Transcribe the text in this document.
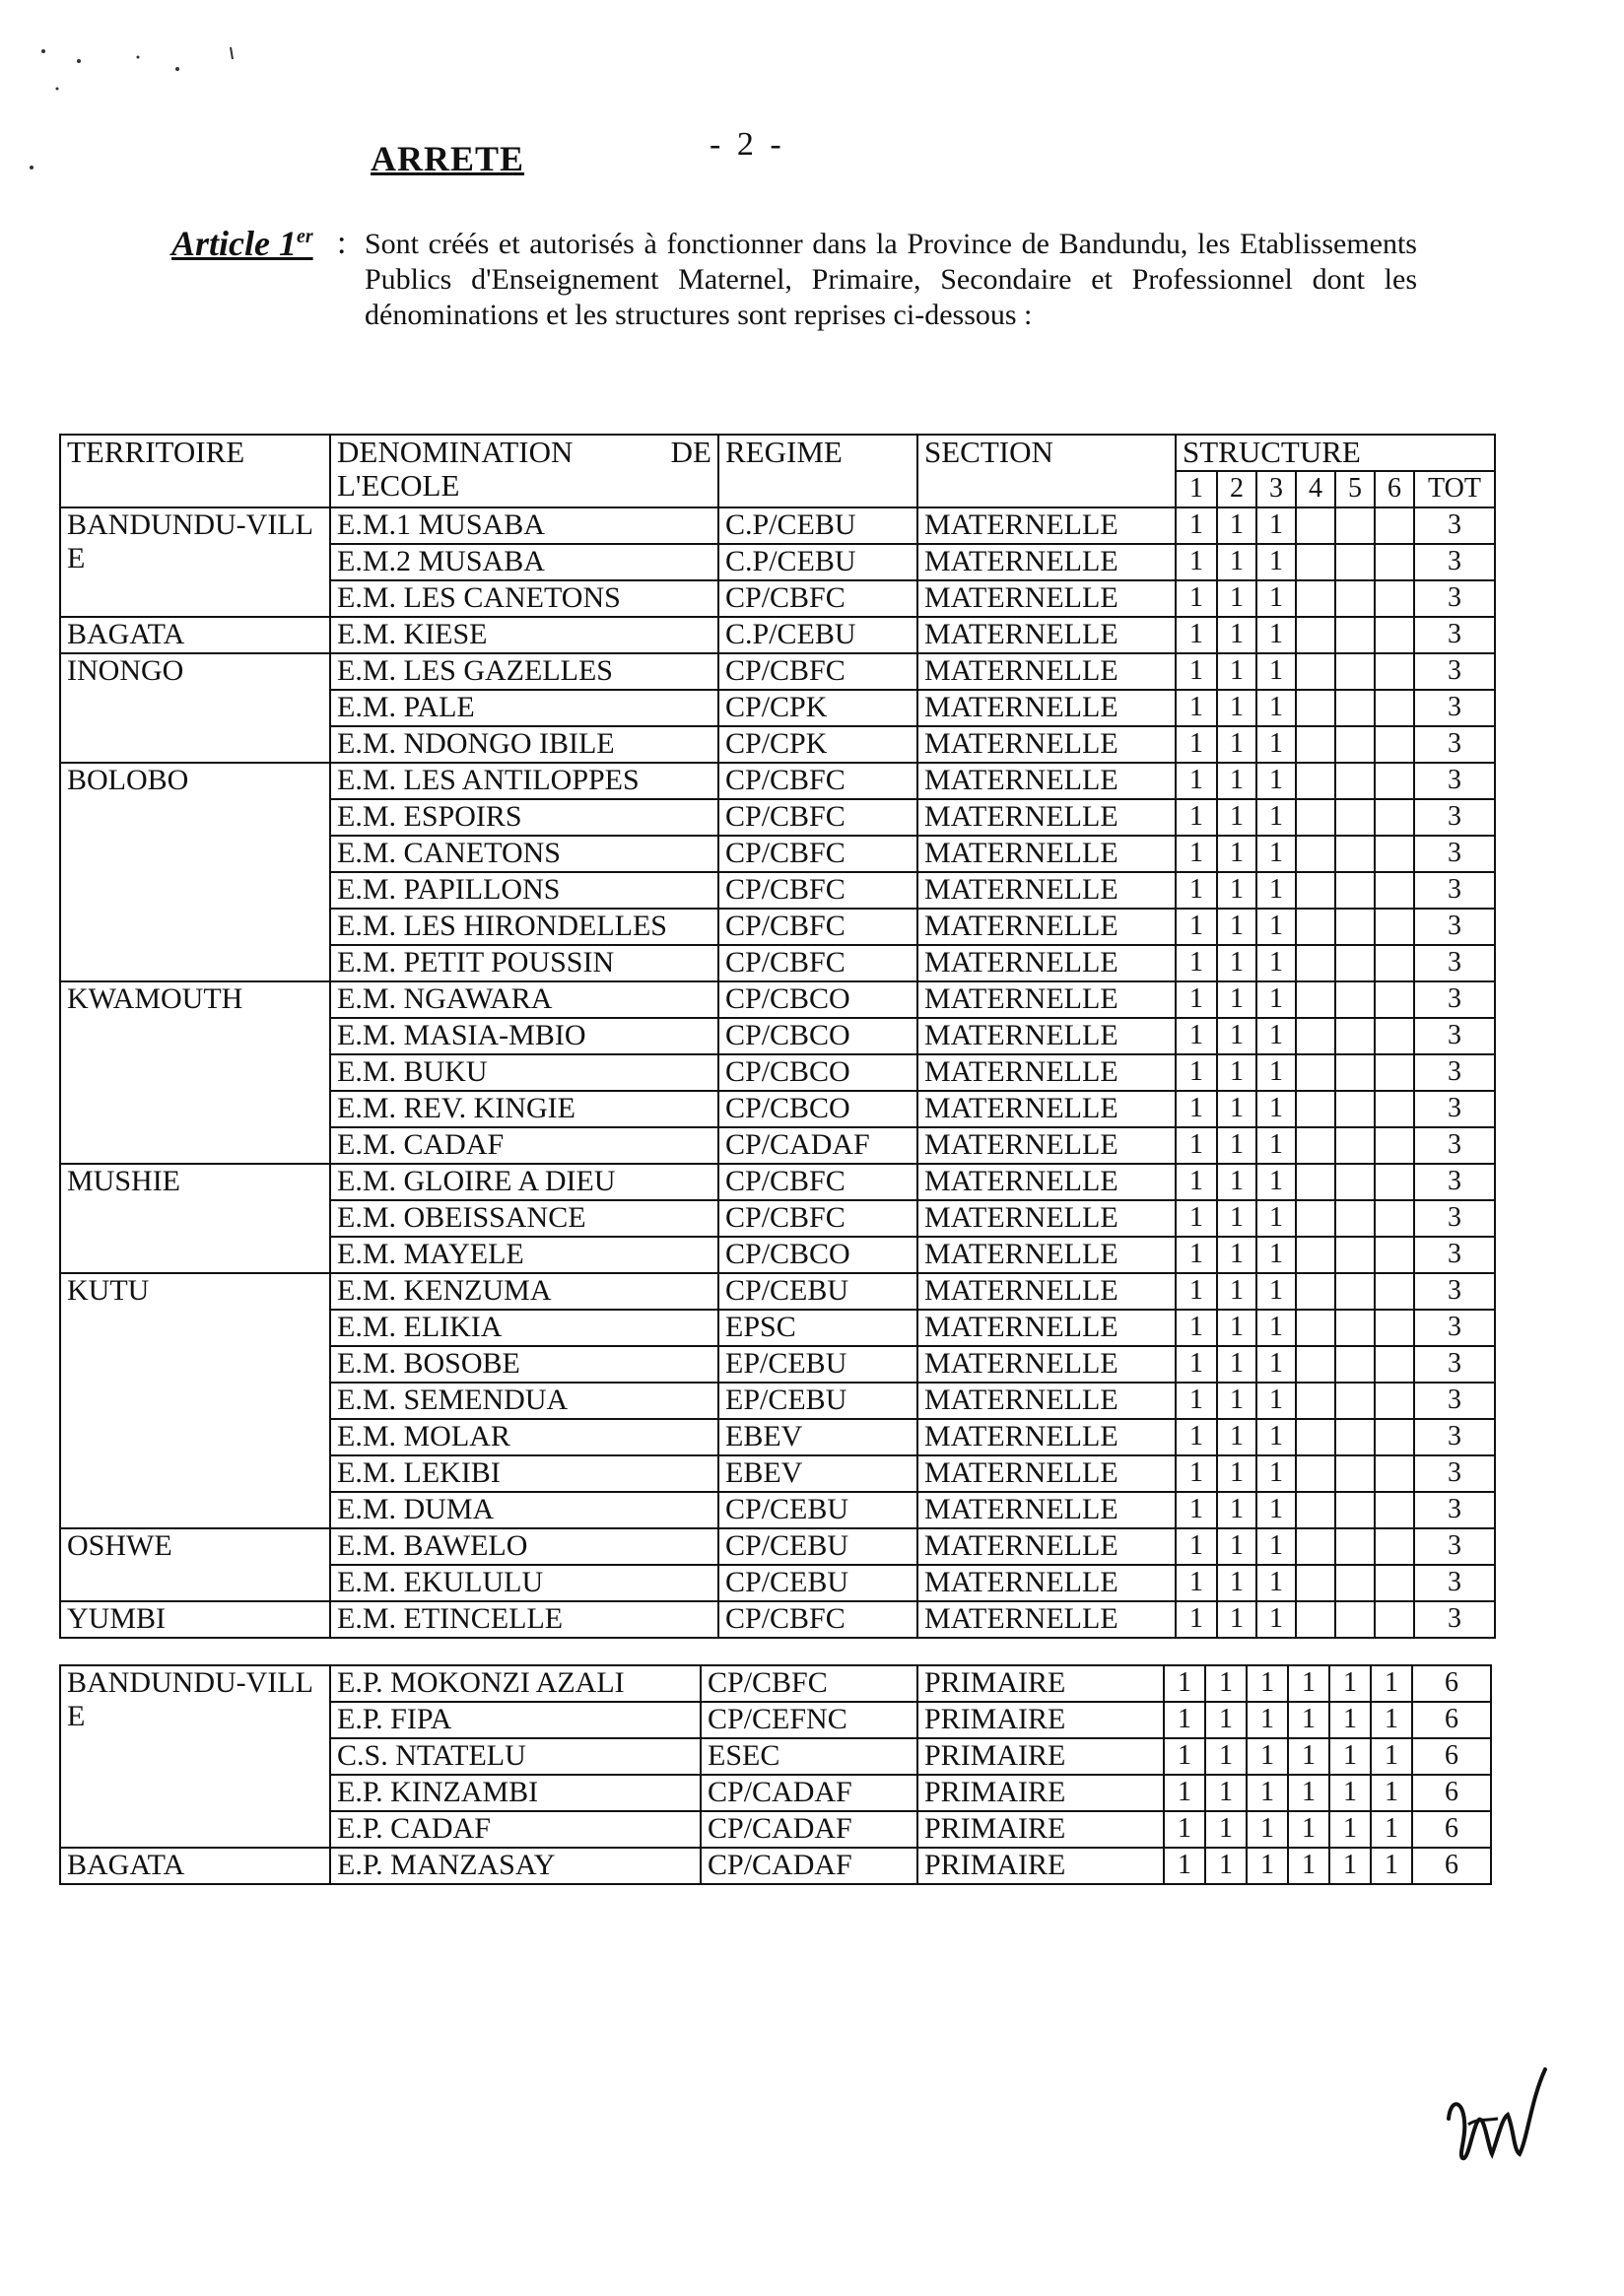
- 2 -
ARRETE
Article 1er : Sont créés et autorisés à fonctionner dans la Province de Bandundu, les Etablissements Publics d'Enseignement Maternel, Primaire, Secondaire et Professionnel dont les dénominations et les structures sont reprises ci-dessous :
TERRITOIRE	DENOMINATION DE L'ECOLE	REGIME	SECTION	STRUCTURE						
				1	2	3	4	5	6	TOT
BANDUNDU-VILLE	E.M.1 MUSABA	C.P/CEBU	MATERNELLE	1	1	1				3
	E.M.2 MUSABA	C.P/CEBU	MATERNELLE	1	1	1				3
	E.M. LES CANETONS	CP/CBFC	MATERNELLE	1	1	1				3
BAGATA	E.M. KIESE	C.P/CEBU	MATERNELLE	1	1	1				3
INONGO	E.M. LES GAZELLES	CP/CBFC	MATERNELLE	1	1	1				3
	E.M. PALE	CP/CPK	MATERNELLE	1	1	1				3
	E.M. NDONGO IBILE	CP/CPK	MATERNELLE	1	1	1				3
BOLOBO	E.M. LES ANTILOPPES	CP/CBFC	MATERNELLE	1	1	1				3
	E.M. ESPOIRS	CP/CBFC	MATERNELLE	1	1	1				3
	E.M. CANETONS	CP/CBFC	MATERNELLE	1	1	1				3
	E.M. PAPILLONS	CP/CBFC	MATERNELLE	1	1	1				3
	E.M. LES HIRONDELLES	CP/CBFC	MATERNELLE	1	1	1				3
	E.M. PETIT POUSSIN	CP/CBFC	MATERNELLE	1	1	1				3
KWAMOUTH	E.M. NGAWARA	CP/CBCO	MATERNELLE	1	1	1				3
	E.M. MASIA-MBIO	CP/CBCO	MATERNELLE	1	1	1				3
	E.M. BUKU	CP/CBCO	MATERNELLE	1	1	1				3
	E.M. REV. KINGIE	CP/CBCO	MATERNELLE	1	1	1				3
	E.M. CADAF	CP/CADAF	MATERNELLE	1	1	1				3
MUSHIE	E.M. GLOIRE A DIEU	CP/CBFC	MATERNELLE	1	1	1				3
	E.M. OBEISSANCE	CP/CBFC	MATERNELLE	1	1	1				3
	E.M. MAYELE	CP/CBCO	MATERNELLE	1	1	1				3
KUTU	E.M. KENZUMA	CP/CEBU	MATERNELLE	1	1	1				3
	E.M. ELIKIA	EPSC	MATERNELLE	1	1	1				3
	E.M. BOSOBE	EP/CEBU	MATERNELLE	1	1	1				3
	E.M. SEMENDUA	EP/CEBU	MATERNELLE	1	1	1				3
	E.M. MOLAR	EBEV	MATERNELLE	1	1	1				3
	E.M. LEKIBI	EBEV	MATERNELLE	1	1	1				3
	E.M. DUMA	CP/CEBU	MATERNELLE	1	1	1				3
OSHWE	E.M. BAWELO	CP/CEBU	MATERNELLE	1	1	1				3
	E.M. EKULULU	CP/CEBU	MATERNELLE	1	1	1				3
YUMBI	E.M. ETINCELLE	CP/CBFC	MATERNELLE	1	1	1				3
BANDUNDU-VILLE	E.P. MOKONZI AZALI	CP/CBFC	PRIMAIRE	1	1	1	1	1	1	6
	E.P. FIPA	CP/CEFNC	PRIMAIRE	1	1	1	1	1	1	6
	C.S. NTATELU	ESEC	PRIMAIRE	1	1	1	1	1	1	6
	E.P. KINZAMBI	CP/CADAF	PRIMAIRE	1	1	1	1	1	1	6
	E.P. CADAF	CP/CADAF	PRIMAIRE	1	1	1	1	1	1	6
BAGATA	E.P. MANZASAY	CP/CADAF	PRIMAIRE	1	1	1	1	1	1	6
